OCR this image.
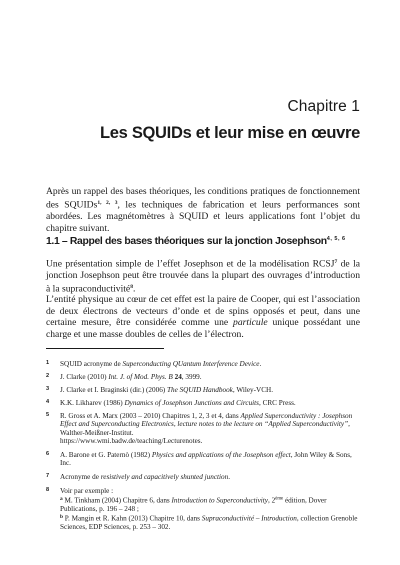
Chapitre 1
Les SQUIDs et leur mise en œuvre

Après un rappel des bases théoriques, les conditions pratiques de fonctionnement des SQUIDs$^{1, 2, 3}$, les techniques de fabrication et leurs performances sont abordées. Les magnétomètres à SQUID et leurs applications font l’objet du chapitre suivant.

1.1 – Rappel des bases théoriques sur la jonction Josephson$^{4, 5, 6}$

Une présentation simple de l’effet Josephson et de la modélisation RCSJ$^7$ de la jonction Josephson peut être trouvée dans la plupart des ouvrages d’introduction à la supraconductivité$^8$.

L’entité physique au cœur de cet effet est la paire de Cooper, qui est l’association de deux électrons de vecteurs d’onde et de spins opposés et peut, dans une certaine mesure, être considérée comme une particule unique possédant une charge et une masse doubles de celles de l’électron.

1 SQUID acronyme de Superconducting QUantum Interference Device.
2 J. Clarke (2010) Int. J. of Mod. Phys. B 24, 3999.
3 J. Clarke et I. Braginski (dir.) (2006) The SQUID Handbook, Wiley-VCH.
4 K.K. Likharev (1986) Dynamics of Josephson Junctions and Circuits, CRC Press.
5 R. Gross et A. Marx (2003 – 2010) Chapitres 1, 2, 3 et 4, dans Applied Superconductivity : Josephson Effect and Superconducting Electronics, lecture notes to the lecture on “Applied Superconductivity”, Walther-Meißner-Institut.
https://www.wmi.badw.de/teaching/Lecturenotes.
6 A. Barone et G. Paternò (1982) Physics and applications of the Josephson effect, John Wiley & Sons, Inc.
7 Acronyme de resistively and capacitively shunted junction.
8 Voir par exemple :
$^a$ M. Tinkham (2004) Chapitre 6, dans Introduction to Superconductivity, 2ème édition, Dover Publications, p. 196 – 248 ;
$^b$ P. Mangin et R. Kahn (2013) Chapitre 10, dans Supraconductivité – Introduction, collection Grenoble Sciences, EDP Sciences, p. 253 – 302.
